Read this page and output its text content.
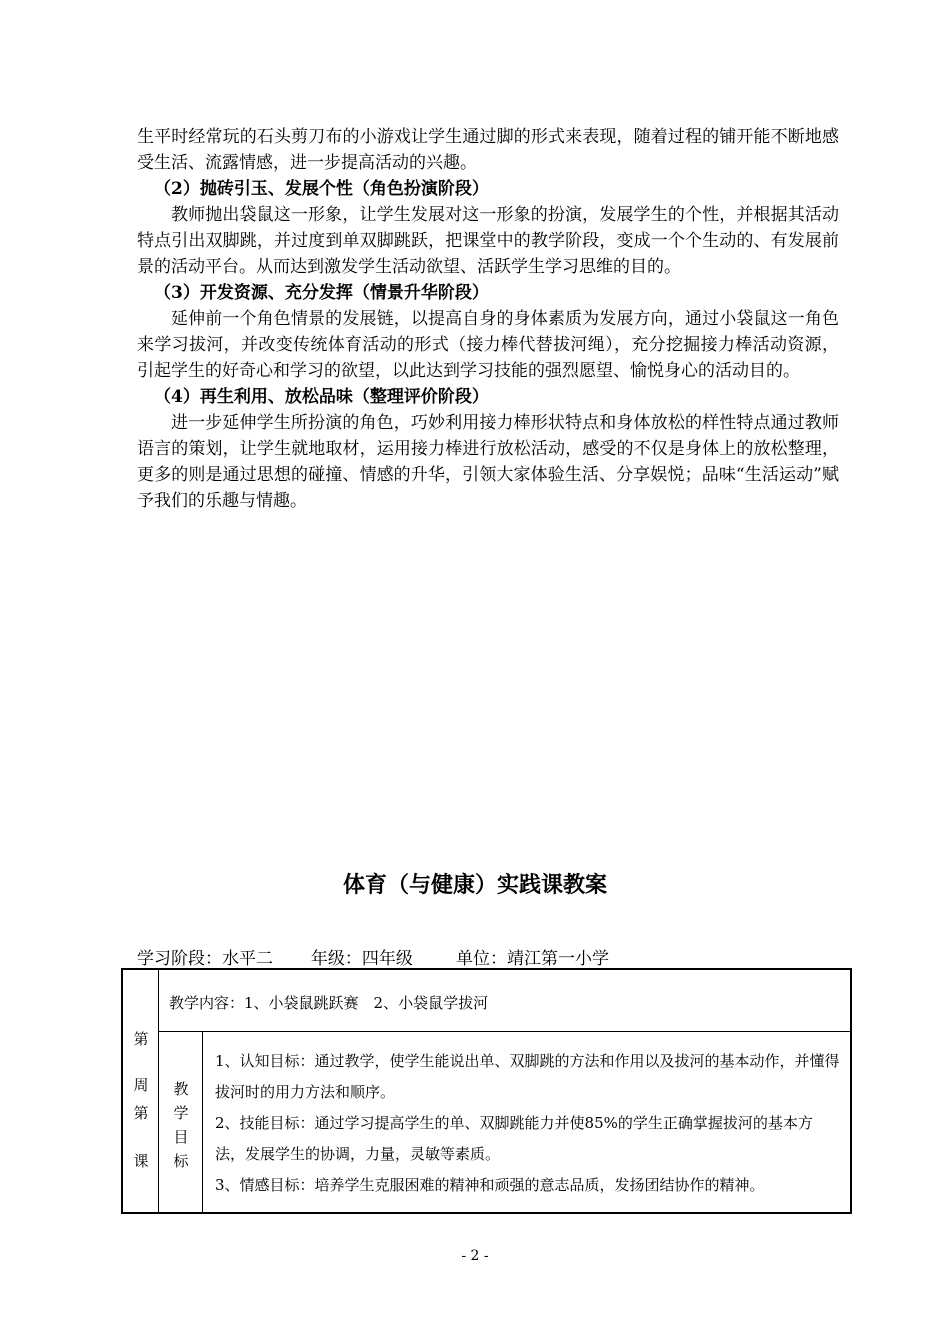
生平时经常玩的石头剪刀布的小游戏让学生通过脚的形式来表现，随着过程的铺开能不断地感受生活、流露情感，进一步提高活动的兴趣。

（2）抛砖引玉、发展个性（角色扮演阶段）

教师抛出袋鼠这一形象，让学生发展对这一形象的扮演，发展学生的个性，并根据其活动特点引出双脚跳，并过度到单双脚跳跃，把课堂中的教学阶段，变成一个个生动的、有发展前景的活动平台。从而达到激发学生活动欲望、活跃学生学习思维的目的。

（3）开发资源、充分发挥（情景升华阶段）

延伸前一个角色情景的发展链，以提高自身的身体素质为发展方向，通过小袋鼠这一角色来学习拔河，并改变传统体育活动的形式（接力棒代替拔河绳），充分挖掘接力棒活动资源，引起学生的好奇心和学习的欲望，以此达到学习技能的强烈愿望、愉悦身心的活动目的。

（4）再生利用、放松品味（整理评价阶段）

进一步延伸学生所扮演的角色，巧妙利用接力棒形状特点和身体放松的样性特点通过教师语言的策划，让学生就地取材，运用接力棒进行放松活动，感受的不仅是身体上的放松整理，更多的则是通过思想的碰撞、情感的升华，引领大家体验生活、分享娱悦；品味“生活运动”赋予我们的乐趣与情趣。

体育（与健康）实践课教案
学习阶段：水平二 年级：四年级	单位：靖江第一小学
第
周
第
课
教学内容：1、小袋鼠跳跃赛　2、小袋鼠学拔河
教
学
目
标

1、认知目标：通过教学，使学生能说出单、双脚跳的方法和作用以及拔河的基本动作，并懂得拔河时的用力方法和顺序。

2、技能目标：通过学习提高学生的单、双脚跳能力并使85%的学生正确掌握拔河的基本方法，发展学生的协调，力量，灵敏等素质。

3、情感目标：培养学生克服困难的精神和顽强的意志品质，发扬团结协作的精神。

- 2 -
